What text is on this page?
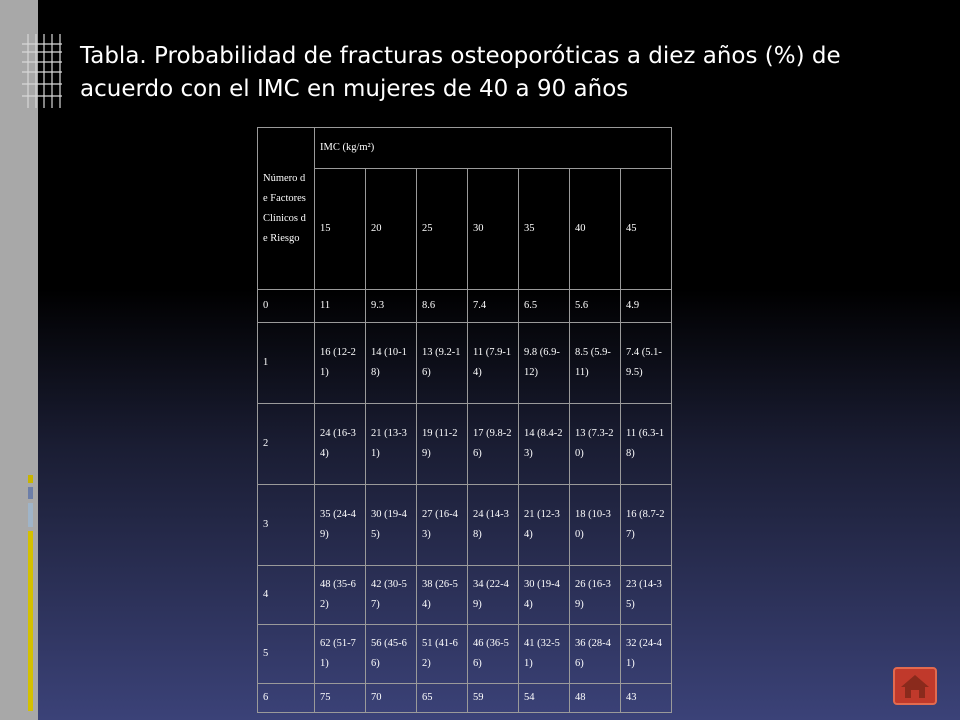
Tabla. Probabilidad de fracturas osteoporóticas a diez años (%) de acuerdo con el IMC en mujeres de 40 a 90 años
Número de Factores Clínicos de Riesgo	IMC (kg/m²)						
	15	20	25	30	35	40	45
0	11	9.3	8.6	7.4	6.5	5.6	4.9
1	16 (12-21)	14 (10-18)	13 (9.2-16)	11 (7.9-14)	9.8 (6.9-12)	8.5 (5.9-11)	7.4 (5.1-9.5)
2	24 (16-34)	21 (13-31)	19 (11-29)	17 (9.8-26)	14 (8.4-23)	13 (7.3-20)	11 (6.3-18)
3	35 (24-49)	30 (19-45)	27 (16-43)	24 (14-38)	21 (12-34)	18 (10-30)	16 (8.7-27)
4	48 (35-62)	42 (30-57)	38 (26-54)	34 (22-49)	30 (19-44)	26 (16-39)	23 (14-35)
5	62 (51-71)	56 (45-66)	51 (41-62)	46 (36-56)	41 (32-51)	36 (28-46)	32 (24-41)
6	75	70	65	59	54	48	43
